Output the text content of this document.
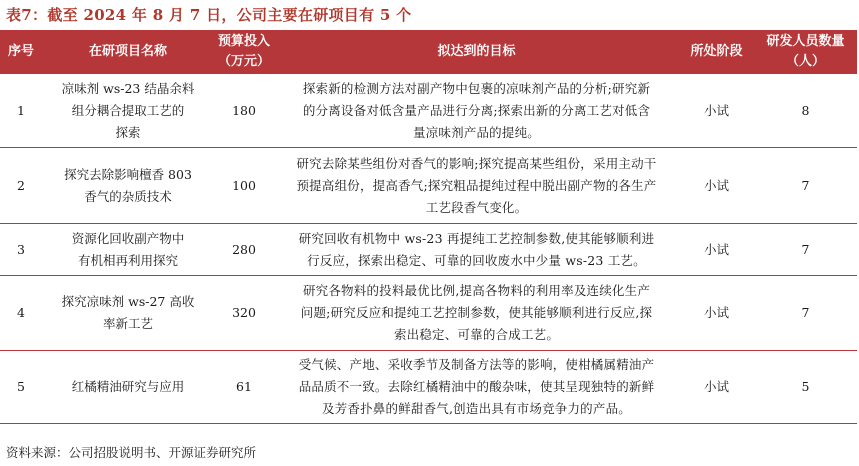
表7：截至 2024 年 8 月 7 日，公司主要在研项目有 5 个
序号	在研项目名称	预算投入
（万元）	拟达到的目标	所处阶段	研发人员数量
（人）

1	凉味剂 ws-23 结晶余料
组分耦合提取工艺的
探索	180	探索新的检测方法对副产物中包裹的凉味剂产品的分析;研究新
的分离设备对低含量产品进行分离;探索出新的分离工艺对低含
量凉味剂产品的提纯。	小试	8
2	探究去除影响檀香 803
香气的杂质技术	100	研究去除某些组份对香气的影响;探究提高某些组份，采用主动干
预提高组份，提高香气;探究粗品提纯过程中脱出副产物的各生产
工艺段香气变化。	小试	7
3	资源化回收副产物中
有机相再利用探究	280	研究回收有机物中 ws-23 再提纯工艺控制参数,使其能够顺利进
行反应，探索出稳定、可靠的回收废水中少量 ws-23 工艺。	小试	7
4	探究凉味剂 ws-27 高收
率新工艺	320	研究各物料的投料最优比例,提高各物料的利用率及连续化生产
问题;研究反应和提纯工艺控制参数，使其能够顺利进行反应,探
索出稳定、可靠的合成工艺。	小试	7
5	红橘精油研究与应用	61	受气候、产地、采收季节及制备方法等的影响，使柑橘属精油产
品品质不一致。去除红橘精油中的酸杂味，使其呈现独特的新鲜
及芳香扑鼻的鲜甜香气,创造出具有市场竞争力的产品。	小试	5
资料来源：公司招股说明书、开源证券研究所
